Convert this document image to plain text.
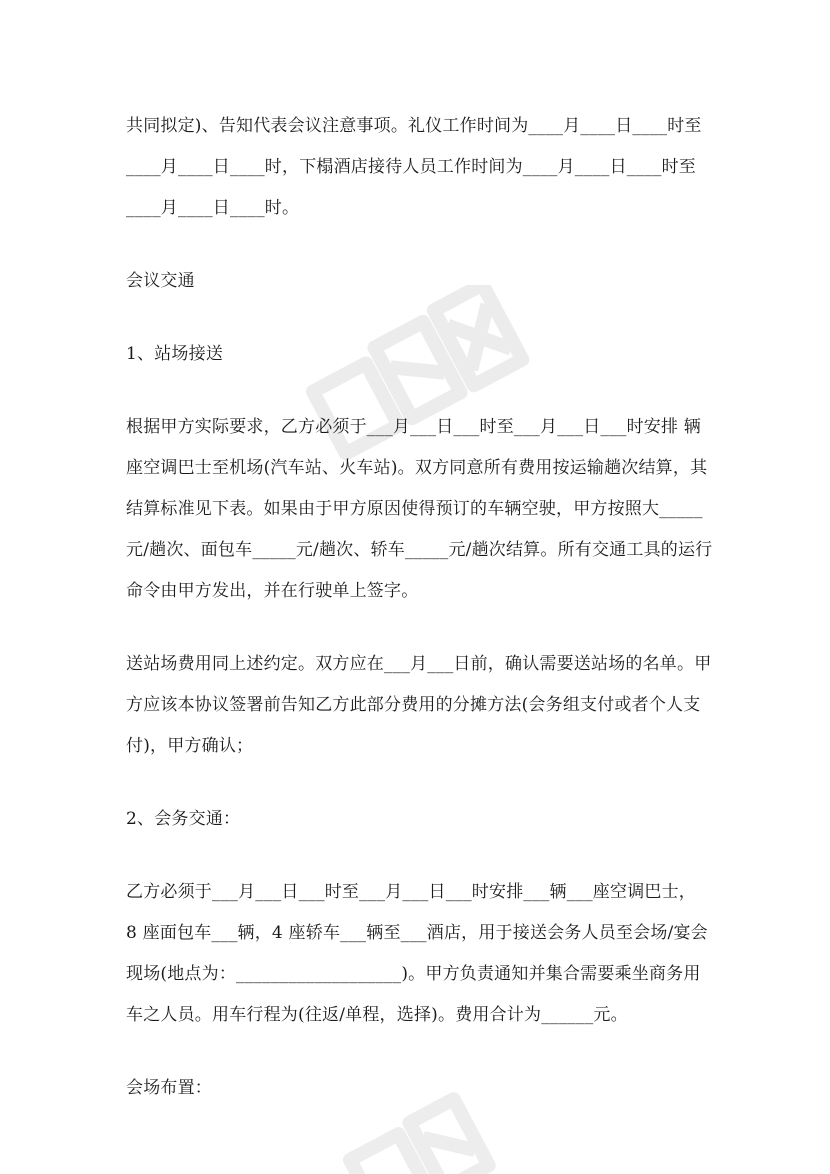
共同拟定)、告知代表会议注意事项。礼仪工作时间为____月____日____时至
____月____日____时，下榻酒店接待人员工作时间为____月____日____时至
____月____日____时。
会议交通
1、站场接送
根据甲方实际要求，乙方必须于___月___日___时至___月___日___时安排 辆
座空调巴士至机场(汽车站、火车站)。双方同意所有费用按运输趟次结算，其
结算标准见下表。如果由于甲方原因使得预订的车辆空驶，甲方按照大_____
元/趟次、面包车_____元/趟次、轿车_____元/趟次结算。所有交通工具的运行
命令由甲方发出，并在行驶单上签字。
送站场费用同上述约定。双方应在___月___日前，确认需要送站场的名单。甲
方应该本协议签署前告知乙方此部分费用的分摊方法(会务组支付或者个人支
付)，甲方确认；
2、会务交通：
乙方必须于___月___日___时至___月___日___时安排___辆___座空调巴士，
8 座面包车___辆，4 座轿车___辆至___酒店，用于接送会务人员至会场/宴会
现场(地点为：___________________)。甲方负责通知并集合需要乘坐商务用
车之人员。用车行程为(往返/单程，选择)。费用合计为______元。
会场布置：
